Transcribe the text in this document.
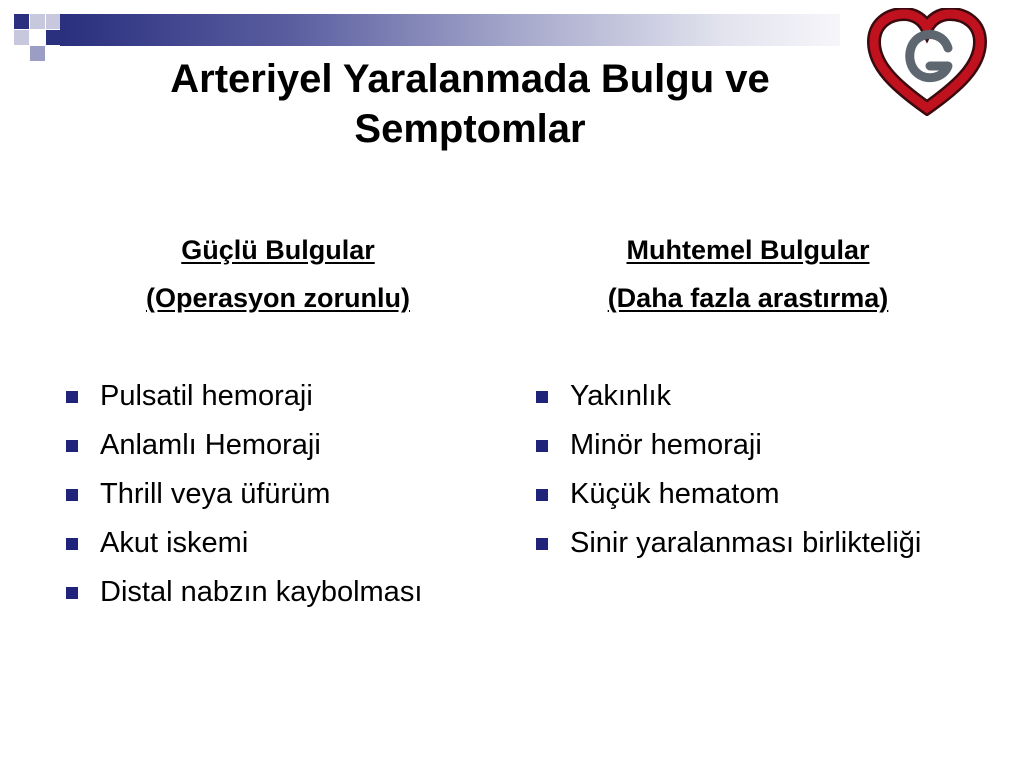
Arteriyel Yaralanmada Bulgu ve
Semptomlar
Güçlü Bulgular
(Operasyon zorunlu)
Muhtemel Bulgular
(Daha fazla arastırma)
Pulsatil hemoraji
Anlamlı Hemoraji
Thrill veya üfürüm
Akut iskemi
Distal nabzın kaybolması
Yakınlık
Minör hemoraji
Küçük hematom
Sinir yaralanması birlikteliği
